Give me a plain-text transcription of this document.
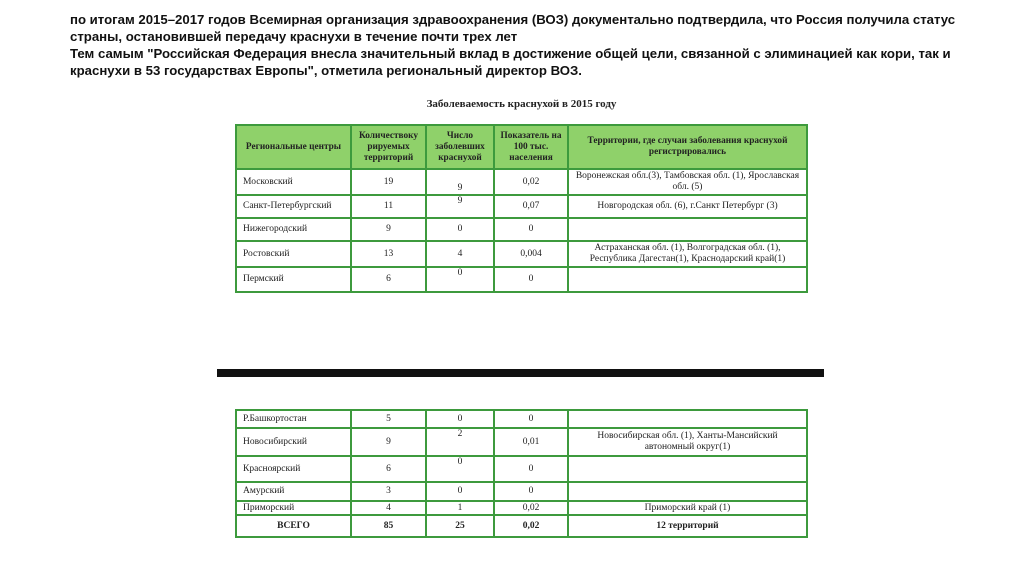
по итогам 2015–2017 годов Всемирная организация здравоохранения (ВОЗ) документально подтвердила, что Россия получила статус страны, остановившей передачу краснухи в течение почти трех лет
Тем самым "Российская Федерация внесла значительный вклад в достижение общей цели, связанной с элиминацией как кори, так и краснухи в 53 государствах Европы", отметила региональный директор ВОЗ.
Заболеваемость краснухой в 2015 году
Региональные центры	Количествоку рируемых территорий	Число заболевших краснухой	Показатель на 100 тыс. населения	Территории, где случаи заболевания краснухой регистрировались
Московский	19	9	0,02	Воронежская обл.(3), Тамбовская обл. (1), Ярославская обл. (5)
Санкт-Петербургский	11	9	0,07	Новгородская обл. (6), г.Санкт Петербург (3)
Нижегородский	9	0	0	
Ростовский	13	4	0,004	Астраханская обл. (1), Волгоградская обл. (1), Республика Дагестан(1), Краснодарский край(1)
Пермский	6	0	0	
Р.Башкортостан	5	0	0	
Новосибирский	9	2	0,01	Новосибирская обл. (1), Ханты-Мансийский автономный округ(1)
Красноярский	6	0	0	
Амурский	3	0	0	
Приморский	4	1	0,02	Приморский край (1)
ВСЕГО	85	25	0,02	12 территорий
